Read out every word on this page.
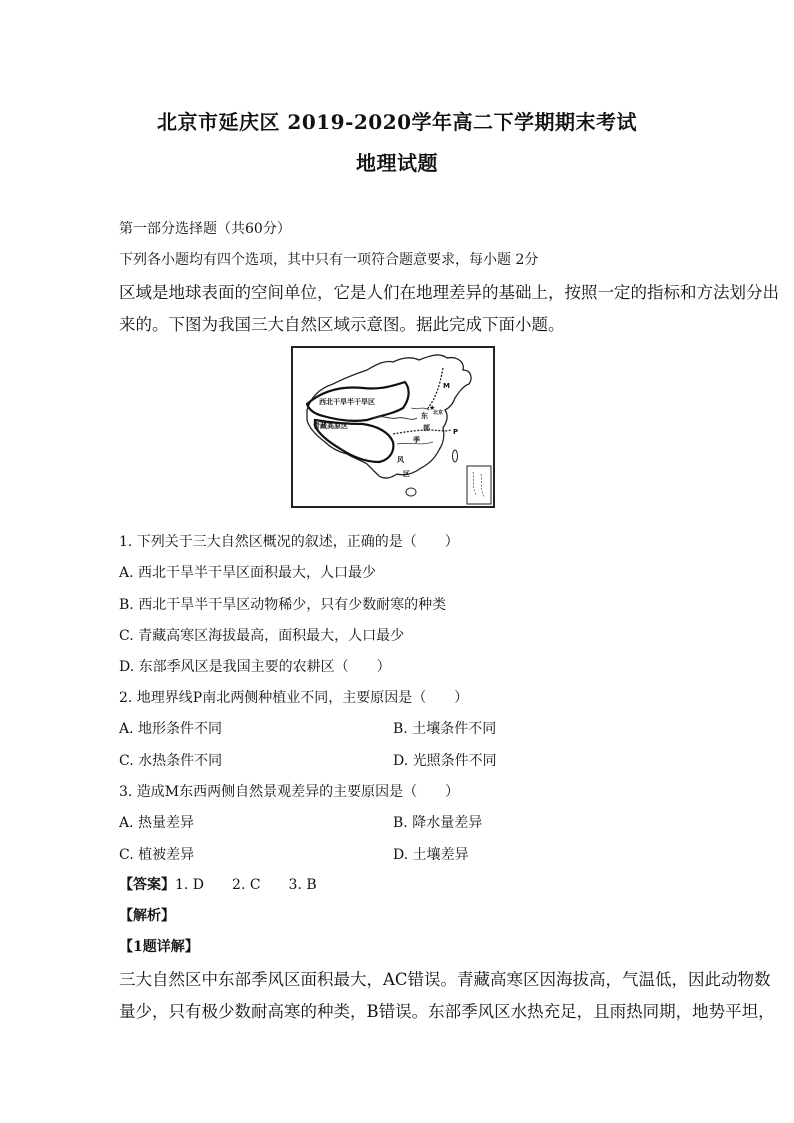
北京市延庆区 2019-2020学年高二下学期期末考试
地理试题
第一部分选择题（共60分）
下列各小题均有四个选项，其中只有一项符合题意要求，每小题 2分
区域是地球表面的空间单位，它是人们在地理差异的基础上，按照一定的指标和方法划分出
来的。下图为我国三大自然区域示意图。据此完成下面小题。
西北干旱半干旱区
青藏高原区
★
北京
M
东
部	P
季
风
区
1. 下列关于三大自然区概况的叙述，正确的是（　　）
A. 西北干旱半干旱区面积最大，人口最少
B. 西北干旱半干旱区动物稀少，只有少数耐寒的种类
C. 青藏高寒区海拔最高，面积最大，人口最少
D. 东部季风区是我国主要的农耕区（　　）
2. 地理界线P南北两侧种植业不同，主要原因是（　　）
A. 地形条件不同	B. 土壤条件不同
C. 水热条件不同	D. 光照条件不同
3. 造成M东西两侧自然景观差异的主要原因是（　　）
A. 热量差异	B. 降水量差异
C. 植被差异	D. 土壤差异
【答案】1. D　　2. C　　3. B
【解析】
【1题详解】
三大自然区中东部季风区面积最大，AC错误。青藏高寒区因海拔高，气温低，因此动物数
量少，只有极少数耐高寒的种类，B错误。东部季风区水热充足，且雨热同期，地势平坦，
